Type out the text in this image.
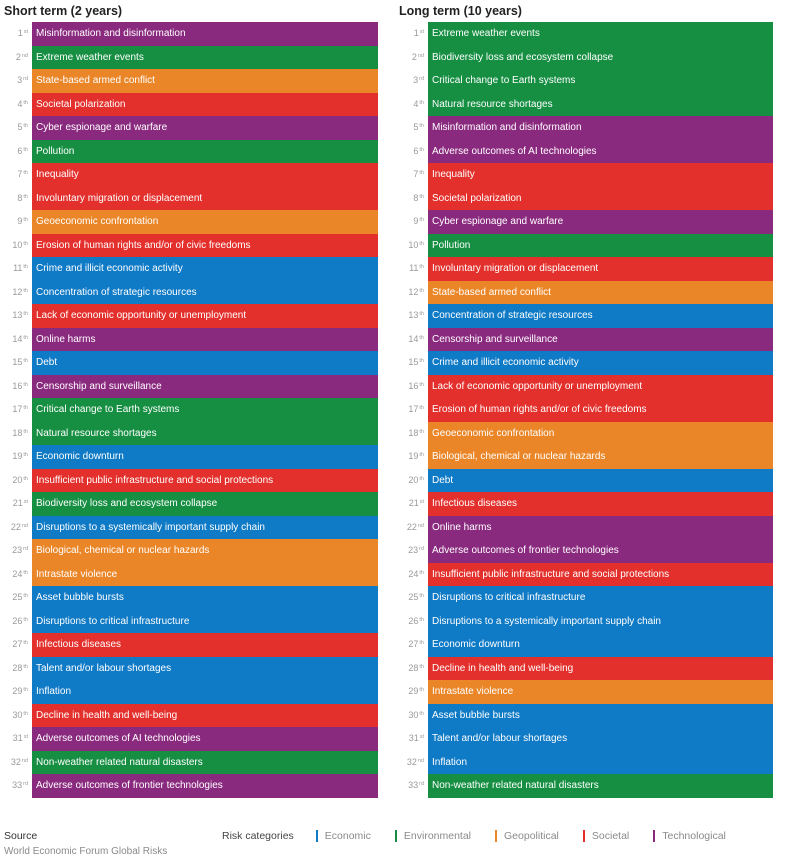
Short term (2 years)
1st Misinformation and disinformation
2nd Extreme weather events
3rd State-based armed conflict
4th Societal polarization
5th Cyber espionage and warfare
6th Pollution
7th Inequality
8th Involuntary migration or displacement
9th Geoeconomic confrontation
10th Erosion of human rights and/or of civic freedoms
11th Crime and illicit economic activity
12th Concentration of strategic resources
13th Lack of economic opportunity or unemployment
14th Online harms
15th Debt
16th Censorship and surveillance
17th Critical change to Earth systems
18th Natural resource shortages
19th Economic downturn
20th Insufficient public infrastructure and social protections
21st Biodiversity loss and ecosystem collapse
22nd Disruptions to a systemically important supply chain
23rd Biological, chemical or nuclear hazards
24th Intrastate violence
25th Asset bubble bursts
26th Disruptions to critical infrastructure
27th Infectious diseases
28th Talent and/or labour shortages
29th Inflation
30th Decline in health and well-being
31st Adverse outcomes of AI technologies
32nd Non-weather related natural disasters
33rd Adverse outcomes of frontier technologies
Long term (10 years)
1st Extreme weather events
2nd Biodiversity loss and ecosystem collapse
3rd Critical change to Earth systems
4th Natural resource shortages
5th Misinformation and disinformation
6th Adverse outcomes of AI technologies
7th Inequality
8th Societal polarization
9th Cyber espionage and warfare
10th Pollution
11th Involuntary migration or displacement
12th State-based armed conflict
13th Concentration of strategic resources
14th Censorship and surveillance
15th Crime and illicit economic activity
16th Lack of economic opportunity or unemployment
17th Erosion of human rights and/or of civic freedoms
18th Geoeconomic confrontation
19th Biological, chemical or nuclear hazards
20th Debt
21st Infectious diseases
22nd Online harms
23rd Adverse outcomes of frontier technologies
24th Insufficient public infrastructure and social protections
25th Disruptions to critical infrastructure
26th Disruptions to a systemically important supply chain
27th Economic downturn
28th Decline in health and well-being
29th Intrastate violence
30th Asset bubble bursts
31st Talent and/or labour shortages
32nd Inflation
33rd Non-weather related natural disasters
Source
World Economic Forum Global Risks
Risk categories	Economic	Environmental	Geopolitical	Societal	Technological
